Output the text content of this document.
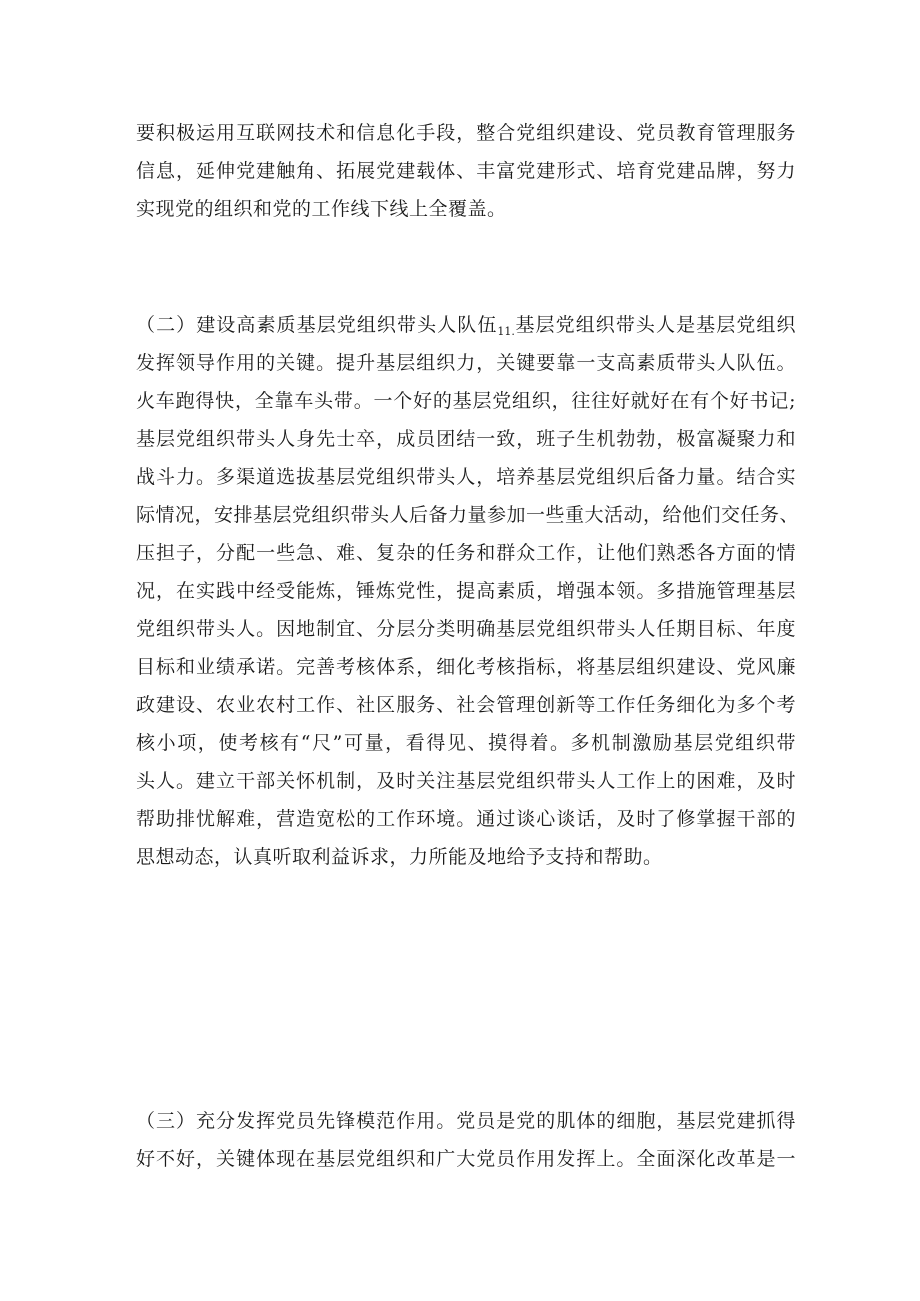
要积极运用互联网技术和信息化手段，整合党组织建设、党员教育管理服务
信息，延伸党建触角、拓展党建载体、丰富党建形式、培育党建品牌，努力
实现党的组织和党的工作线下线上全覆盖。
（二）建设高素质基层党组织带头人队伍$_{11.}$基层党组织带头人是基层党组织
发挥领导作用的关键。提升基层组织力，关键要靠一支高素质带头人队伍。
火车跑得快，全靠车头带。一个好的基层党组织，往往好就好在有个好书记;
基层党组织带头人身先士卒，成员团结一致，班子生机勃勃，极富凝聚力和
战斗力。多渠道选拔基层党组织带头人，培养基层党组织后备力量。结合实
际情况，安排基层党组织带头人后备力量参加一些重大活动，给他们交任务、
压担子，分配一些急、难、复杂的任务和群众工作，让他们熟悉各方面的情
况，在实践中经受能炼，锤炼党性，提高素质，增强本领。多措施管理基层
党组织带头人。因地制宜、分层分类明确基层党组织带头人任期目标、年度
目标和业绩承诺。完善考核体系，细化考核指标，将基层组织建设、党风廉
政建设、农业农村工作、社区服务、社会管理创新等工作任务细化为多个考
核小项，使考核有“尺”可量，看得见、摸得着。多机制激励基层党组织带
头人。建立干部关怀机制，及时关注基层党组织带头人工作上的困难，及时
帮助排忧解难，营造宽松的工作环境。通过谈心谈话，及时了修掌握干部的
思想动态，认真听取利益诉求，力所能及地给予支持和帮助。
（三）充分发挥党员先锋模范作用。党员是党的肌体的细胞，基层党建抓得
好不好，关键体现在基层党组织和广大党员作用发挥上。全面深化改革是一
